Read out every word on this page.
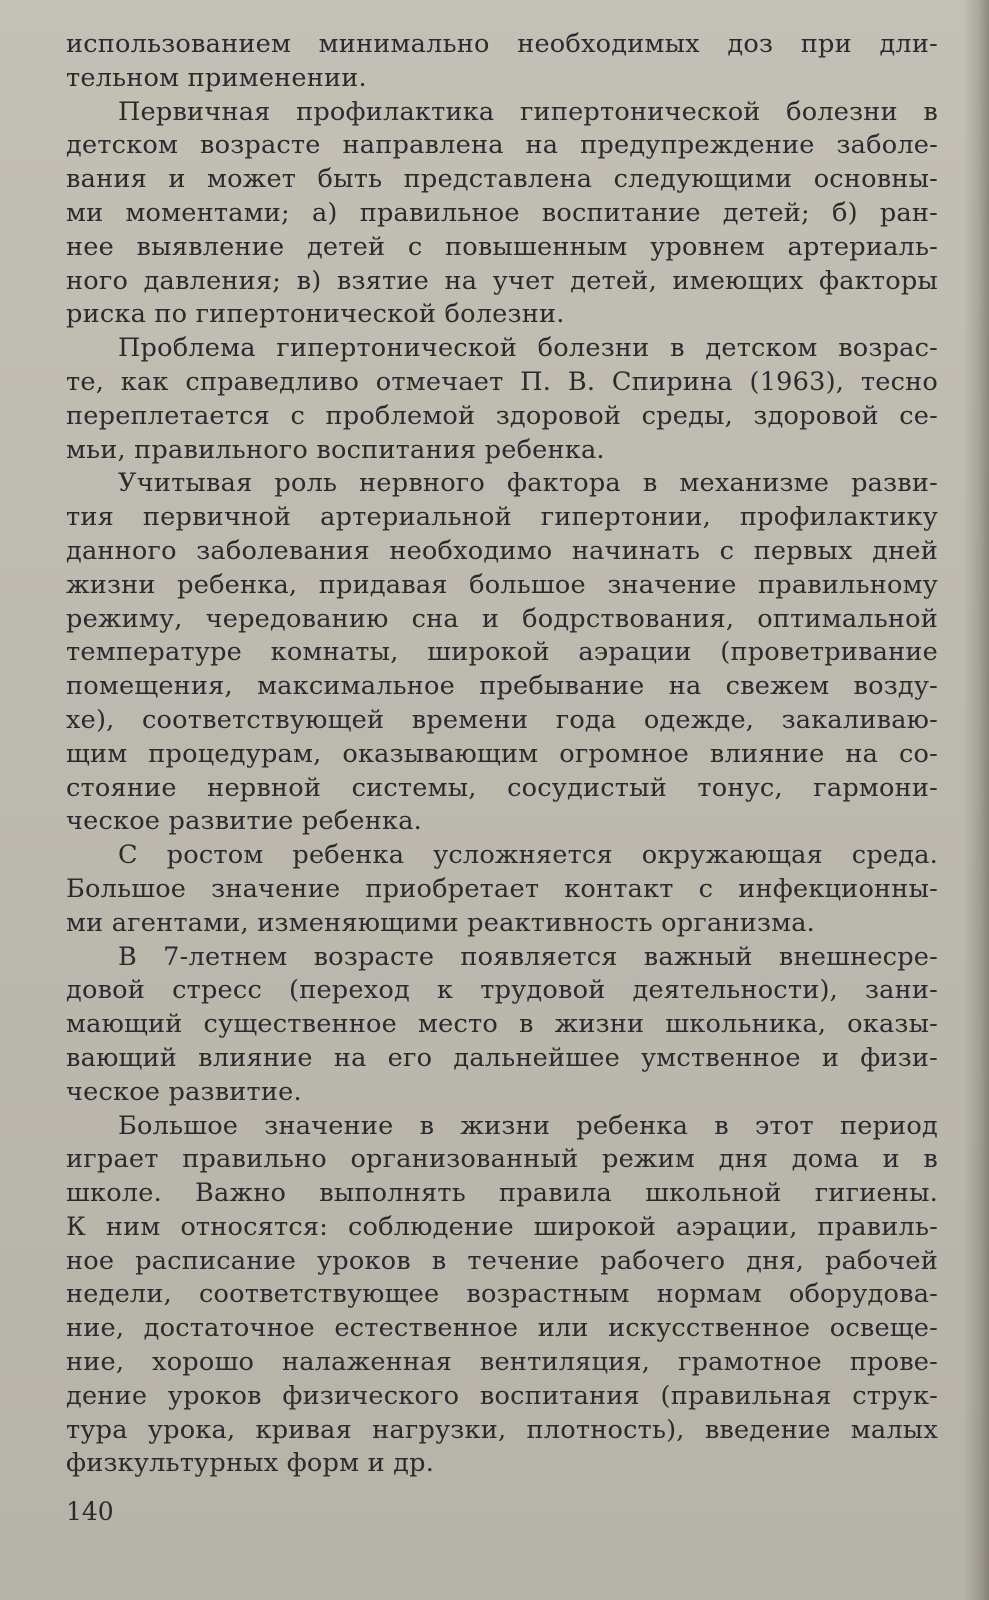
использованием минимально необходимых доз при дли-
тельном применении.

Первичная профилактика гипертонической болезни в
детском возрасте направлена на предупреждение заболе-
вания и может быть представлена следующими основны-
ми моментами; а) правильное воспитание детей; б) ран-
нее выявление детей с повышенным уровнем артериаль-
ного давления; в) взятие на учет детей, имеющих факторы
риска по гипертонической болезни.

Проблема гипертонической болезни в детском возрас-
те, как справедливо отмечает П. В. Спирина (1963), тесно
переплетается с проблемой здоровой среды, здоровой се-
мьи, правильного воспитания ребенка.

Учитывая роль нервного фактора в механизме разви-
тия первичной артериальной гипертонии, профилактику
данного заболевания необходимо начинать с первых дней
жизни ребенка, придавая большое значение правильному
режиму, чередованию сна и бодрствования, оптимальной
температуре комнаты, широкой аэрации (проветривание
помещения, максимальное пребывание на свежем возду-
хе), соответствующей времени года одежде, закаливаю-
щим процедурам, оказывающим огромное влияние на со-
стояние нервной системы, сосудистый тонус, гармони-
ческое развитие ребенка.

С ростом ребенка усложняется окружающая среда.
Большое значение приобретает контакт с инфекционны-
ми агентами, изменяющими реактивность организма.

В 7-летнем возрасте появляется важный внешнесре-
довой стресс (переход к трудовой деятельности), зани-
мающий существенное место в жизни школьника, оказы-
вающий влияние на его дальнейшее умственное и физи-
ческое развитие.

Большое значение в жизни ребенка в этот период
играет правильно организованный режим дня дома и в
школе. Важно выполнять правила школьной гигиены.
К ним относятся: соблюдение широкой аэрации, правиль-
ное расписание уроков в течение рабочего дня, рабочей
недели, соответствующее возрастным нормам оборудова-
ние, достаточное естественное или искусственное освеще-
ние, хорошо налаженная вентиляция, грамотное прове-
дение уроков физического воспитания (правильная струк-
тура урока, кривая нагрузки, плотность), введение малых
физкультурных форм и др.

140
